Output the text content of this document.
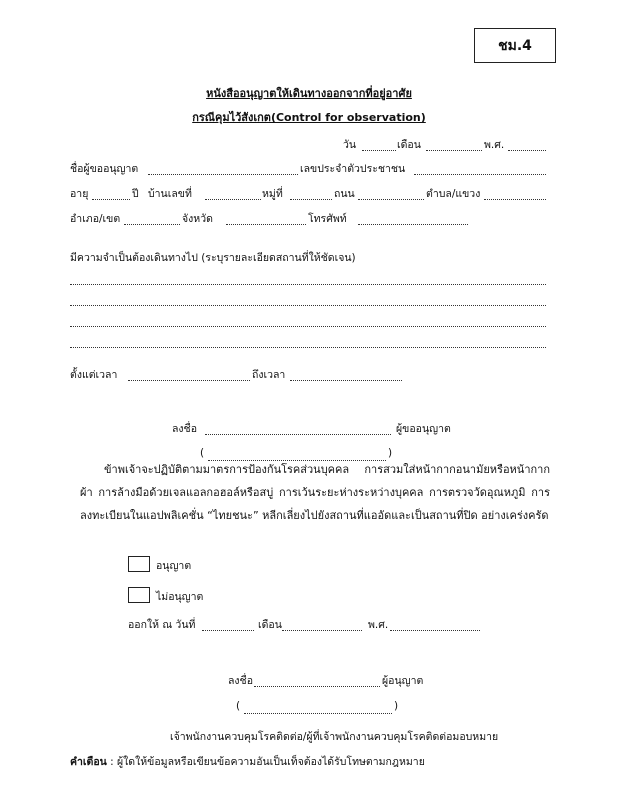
ชม.4
หนังสืออนุญาตให้เดินทางออกจากที่อยู่อาศัย
กรณีคุมไว้สังเกต(Control for observation)
วัน	เดือน	พ.ศ.
ชื่อผู้ขออนุญาต	เลขประจำตัวประชาชน
อายุ	ปี บ้านเลขที่	หมู่ที่	ถนน	ตำบล/แขวง
อำเภอ/เขต	จังหวัด	โทรศัพท์
มีความจำเป็นต้องเดินทางไป (ระบุรายละเอียดสถานที่ให้ชัดเจน)
ตั้งแต่เวลา	ถึงเวลา
ลงชื่อ	ผู้ขออนุญาต
(	)
ข้าพเจ้าจะปฏิบัติตามมาตรการป้องกันโรคส่วนบุคคล การสวมใส่หน้ากากอนามัยหรือหน้ากากผ้า การล้างมือด้วยเจลแอลกอฮอล์หรือสบู่ การเว้นระยะห่างระหว่างบุคคล การตรวจวัดอุณหภูมิ การลงทะเบียนในแอปพลิเคชั่น “ไทยชนะ” หลีกเลี่ยงไปยังสถานที่แออัดและเป็นสถานที่ปิด อย่างเคร่งครัด
อนุญาต
ไม่อนุญาต
ออกให้ ณ วันที่	เดือน	พ.ศ.
ลงชื่อ	ผู้อนุญาต
(	)
เจ้าพนักงานควบคุมโรคติดต่อ/ผู้ที่เจ้าพนักงานควบคุมโรคติดต่อมอบหมาย
คำเตือน : ผู้ใดให้ข้อมูลหรือเขียนข้อความอันเป็นเท็จต้องได้รับโทษตามกฎหมาย
